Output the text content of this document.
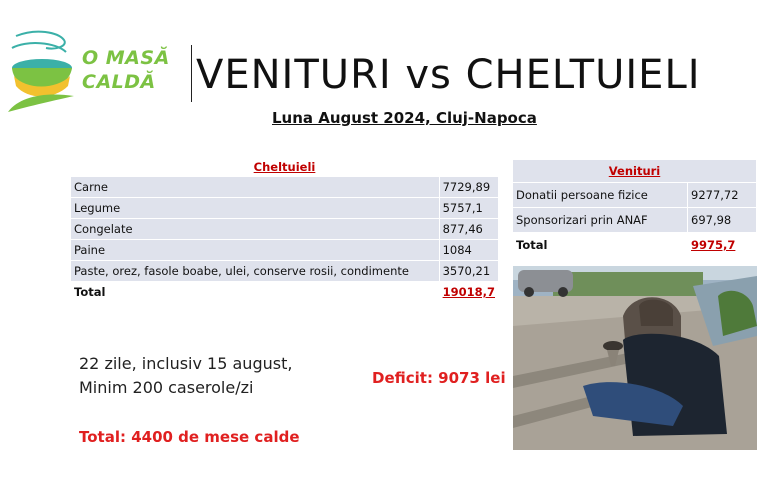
O MASĂ
CALDĂ	VENITURI vs CHELTUIELI
Luna August 2024, Cluj-Napoca
Cheltuieli	
Carne	7729,89
Legume	5757,1
Congelate	877,46
Paine	1084
Paste, orez, fasole boabe, ulei, conserve rosii, condimente	3570,21
Total	19018,7
Venituri	
Donatii persoane fizice	9277,72
Sponsorizari prin ANAF	697,98
Total	9975,7
22 zile, inclusiv 15 august,
Minim 200 caserole/zi	Deficit: 9073 lei
Total: 4400 de mese calde
